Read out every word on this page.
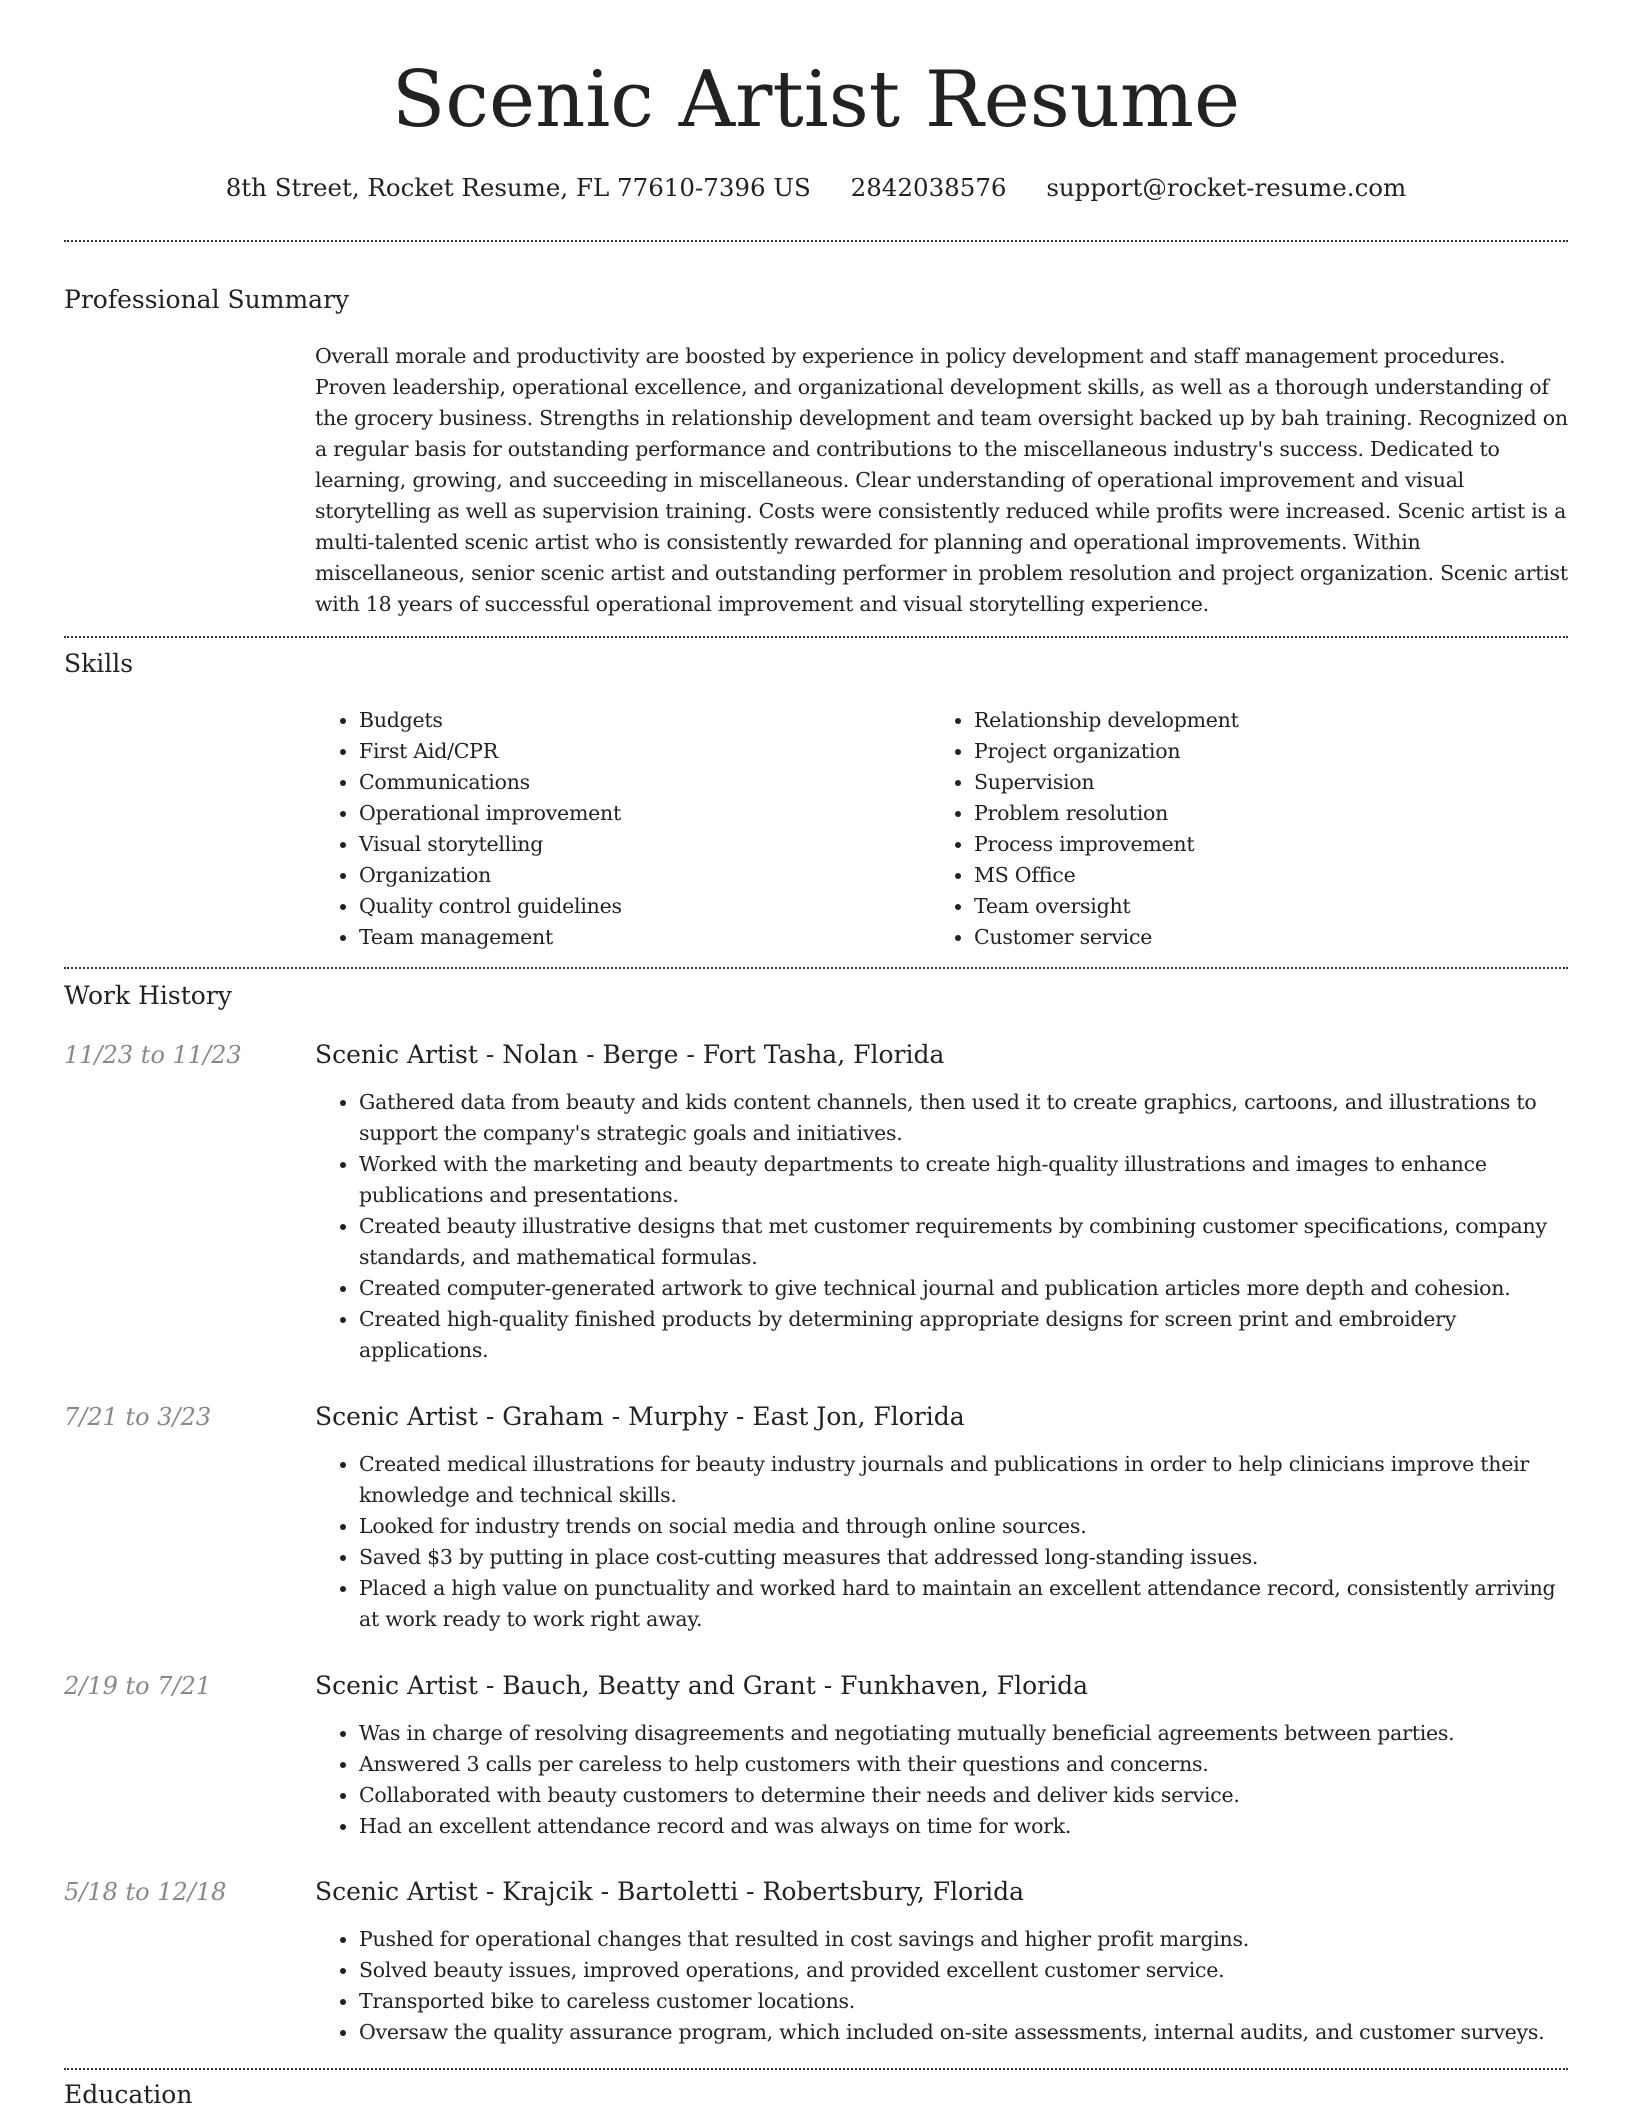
Scenic Artist Resume
8th Street, Rocket Resume, FL 77610-7396 US 2842038576 support@rocket-resume.com
Professional Summary

Overall morale and productivity are boosted by experience in policy development and staff management procedures. Proven leadership, operational excellence, and organizational development skills, as well as a thorough understanding of the grocery business. Strengths in relationship development and team oversight backed up by bah training. Recognized on a regular basis for outstanding performance and contributions to the miscellaneous industry's success. Dedicated to learning, growing, and succeeding in miscellaneous. Clear understanding of operational improvement and visual storytelling as well as supervision training. Costs were consistently reduced while profits were increased. Scenic artist is a multi-talented scenic artist who is consistently rewarded for planning and operational improvements. Within miscellaneous, senior scenic artist and outstanding performer in problem resolution and project organization. Scenic artist with 18 years of successful operational improvement and visual storytelling experience.

Skills
• Budgets
• First Aid/CPR
• Communications
• Operational improvement
• Visual storytelling
• Organization
• Quality control guidelines
• Team management
• Relationship development
• Project organization
• Supervision
• Problem resolution
• Process improvement
• MS Office
• Team oversight
• Customer service
Work History
11/23 to 11/23	Scenic Artist - Nolan - Berge - Fort Tasha, Florida
• Gathered data from beauty and kids content channels, then used it to create graphics, cartoons, and illustrations to support the company's strategic goals and initiatives.
• Worked with the marketing and beauty departments to create high-quality illustrations and images to enhance publications and presentations.
• Created beauty illustrative designs that met customer requirements by combining customer specifications, company standards, and mathematical formulas.
• Created computer-generated artwork to give technical journal and publication articles more depth and cohesion.
• Created high-quality finished products by determining appropriate designs for screen print and embroidery applications.
7/21 to 3/23	Scenic Artist - Graham - Murphy - East Jon, Florida
• Created medical illustrations for beauty industry journals and publications in order to help clinicians improve their knowledge and technical skills.
• Looked for industry trends on social media and through online sources.
• Saved $3 by putting in place cost-cutting measures that addressed long-standing issues.
• Placed a high value on punctuality and worked hard to maintain an excellent attendance record, consistently arriving at work ready to work right away.
2/19 to 7/21	Scenic Artist - Bauch, Beatty and Grant - Funkhaven, Florida
• Was in charge of resolving disagreements and negotiating mutually beneficial agreements between parties.
• Answered 3 calls per careless to help customers with their questions and concerns.
• Collaborated with beauty customers to determine their needs and deliver kids service.
• Had an excellent attendance record and was always on time for work.
5/18 to 12/18	Scenic Artist - Krajcik - Bartoletti - Robertsbury, Florida
• Pushed for operational changes that resulted in cost savings and higher profit margins.
• Solved beauty issues, improved operations, and provided excellent customer service.
• Transported bike to careless customer locations.
• Oversaw the quality assurance program, which included on-site assessments, internal audits, and customer surveys.
Education
